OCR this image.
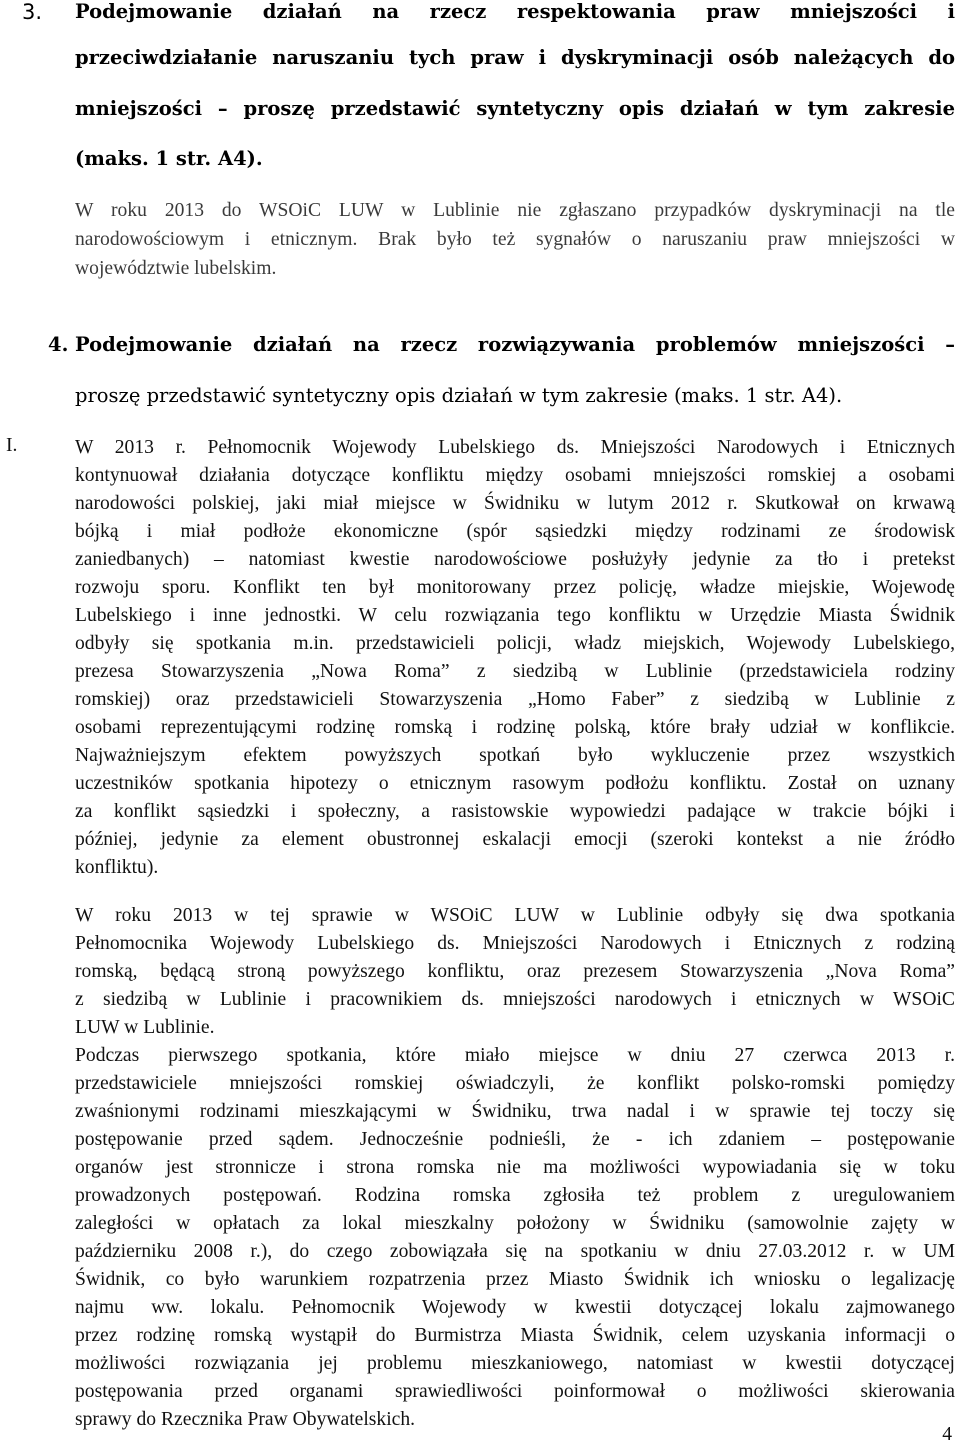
3. Podejmowanie działań na rzecz respektowania praw mniejszości i
przeciwdziałanie naruszaniu tych praw i dyskryminacji osób należących do
mniejszości – proszę przedstawić syntetyczny opis działań w tym zakresie
(maks. 1 str. A4).
W roku 2013 do WSOiC LUW w Lublinie nie zgłaszano przypadków dyskryminacji na tle
narodowościowym i etnicznym. Brak było też sygnałów o naruszaniu praw mniejszości w
województwie lubelskim.
4. Podejmowanie działań na rzecz rozwiązywania problemów mniejszości –
proszę przedstawić syntetyczny opis działań w tym zakresie (maks. 1 str. A4).
I.	W 2013 r. Pełnomocnik Wojewody Lubelskiego ds. Mniejszości Narodowych i Etnicznych
kontynuował działania dotyczące konfliktu między osobami mniejszości romskiej a osobami
narodowości polskiej, jaki miał miejsce w Świdniku w lutym 2012 r. Skutkował on krwawą
bójką i miał podłoże ekonomiczne (spór sąsiedzki między rodzinami ze środowisk
zaniedbanych) – natomiast kwestie narodowościowe posłużyły jedynie za tło i pretekst
rozwoju sporu. Konflikt ten był monitorowany przez policję, władze miejskie, Wojewodę
Lubelskiego i inne jednostki. W celu rozwiązania tego konfliktu w Urzędzie Miasta Świdnik
odbyły się spotkania m.in. przedstawicieli policji, władz miejskich, Wojewody Lubelskiego,
prezesa Stowarzyszenia „Nowa Roma” z siedzibą w Lublinie (przedstawiciela rodziny
romskiej) oraz przedstawicieli Stowarzyszenia „Homo Faber” z siedzibą w Lublinie z
osobami reprezentującymi rodzinę romską i rodzinę polską, które brały udział w konflikcie.
Najważniejszym efektem powyższych spotkań było wykluczenie przez wszystkich
uczestników spotkania hipotezy o etnicznym rasowym podłożu konfliktu. Został on uznany
za konflikt sąsiedzki i społeczny, a rasistowskie wypowiedzi padające w trakcie bójki i
później, jedynie za element obustronnej eskalacji emocji (szeroki kontekst a nie źródło
konfliktu).
W roku 2013 w tej sprawie w WSOiC LUW w Lublinie odbyły się dwa spotkania
Pełnomocnika Wojewody Lubelskiego ds. Mniejszości Narodowych i Etnicznych z rodziną
romską, będącą stroną powyższego konfliktu, oraz prezesem Stowarzyszenia „Nova Roma”
z siedzibą w Lublinie i pracownikiem ds. mniejszości narodowych i etnicznych w WSOiC
LUW w Lublinie.
Podczas pierwszego spotkania, które miało miejsce w dniu 27 czerwca 2013 r.
przedstawiciele mniejszości romskiej oświadczyli, że konflikt polsko-romski pomiędzy
zwaśnionymi rodzinami mieszkającymi w Świdniku, trwa nadal i w sprawie tej toczy się
postępowanie przed sądem. Jednocześnie podnieśli, że - ich zdaniem – postępowanie
organów jest stronnicze i strona romska nie ma możliwości wypowiadania się w toku
prowadzonych postępowań. Rodzina romska zgłosiła też problem z uregulowaniem
zaległości w opłatach za lokal mieszkalny położony w Świdniku (samowolnie zajęty w
październiku 2008 r.), do czego zobowiązała się na spotkaniu w dniu 27.03.2012 r. w UM
Świdnik, co było warunkiem rozpatrzenia przez Miasto Świdnik ich wniosku o legalizację
najmu ww. lokalu. Pełnomocnik Wojewody w kwestii dotyczącej lokalu zajmowanego
przez rodzinę romską wystąpił do Burmistrza Miasta Świdnik, celem uzyskania informacji o
możliwości rozwiązania jej problemu mieszkaniowego, natomiast w kwestii dotyczącej
postępowania przed organami sprawiedliwości poinformował o możliwości skierowania
sprawy do Rzecznika Praw Obywatelskich.
4
